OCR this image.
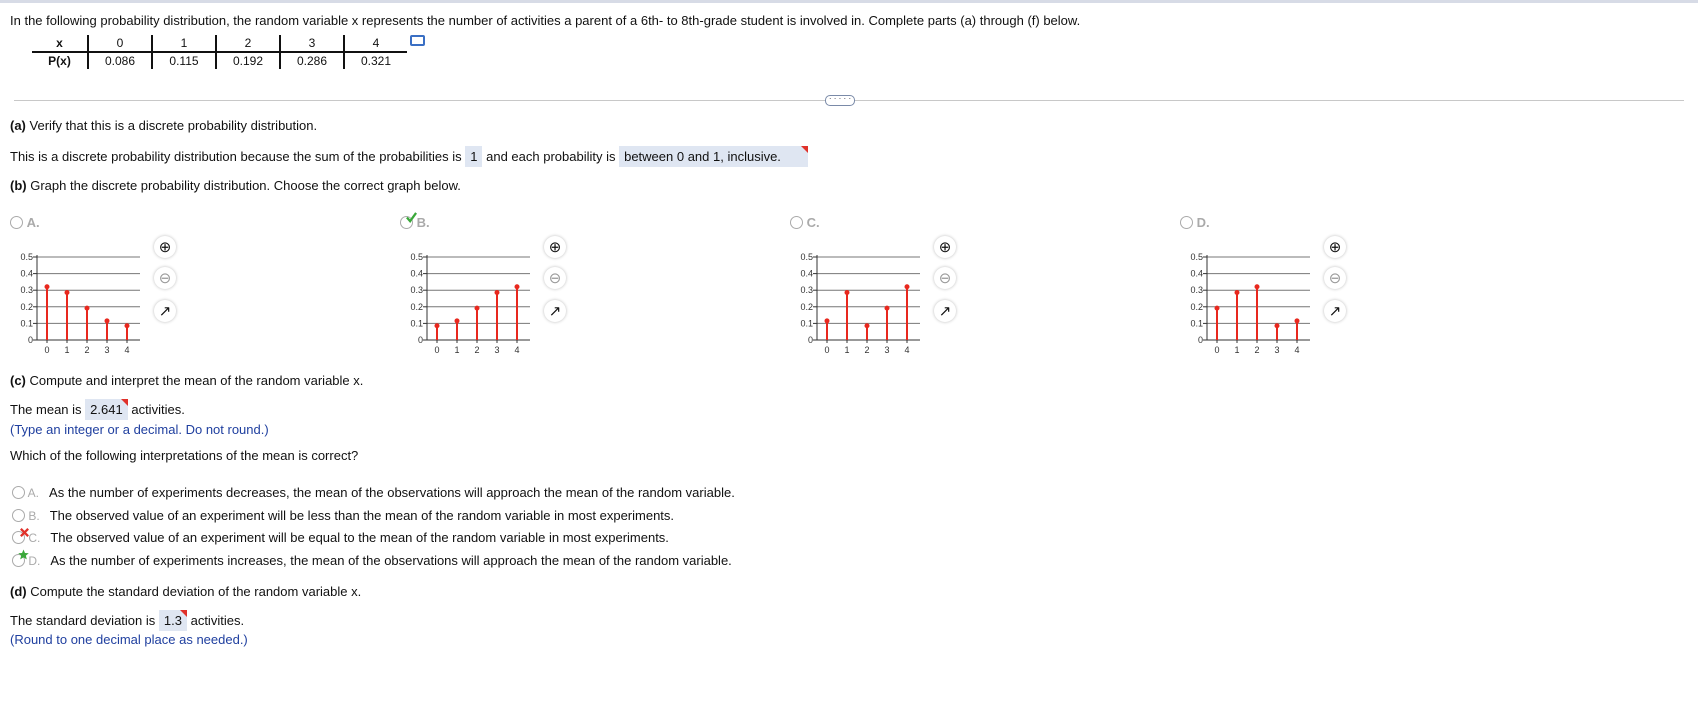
In the following probability distribution, the random variable x represents the number of activities a parent of a 6th- to 8th-grade student is involved in. Complete parts (a) through (f) below.
x	0	1	2	3	4
P(x)	0.086	0.115	0.192	0.286	0.321
· · · · ·
(a) Verify that this is a discrete probability distribution.
This is a discrete probability distribution because the sum of the probabilities is 1 and each probability is between 0 and 1, inclusive.
(b) Graph the discrete probability distribution. Choose the correct graph below.
A.
0
0.1
0.2
0.3
0.4
0.5
0 1 2 3 4
⊕
⊖
↗
B.
0
0.1
0.2
0.3
0.4
0.5
0 1 2 3 4
⊕
⊖
↗
C.
0
0.1
0.2
0.3
0.4
0.5
0 1 2 3 4
⊕
⊖
↗
D.
0
0.1
0.2
0.3
0.4
0.5
0 1 2 3 4
⊕
⊖
↗
(c) Compute and interpret the mean of the random variable x.
The mean is 2.641 activities.
(Type an integer or a decimal. Do not round.)
Which of the following interpretations of the mean is correct?
A. As the number of experiments decreases, the mean of the observations will approach the mean of the random variable.
B. The observed value of an experiment will be less than the mean of the random variable in most experiments.
C. The observed value of an experiment will be equal to the mean of the random variable in most experiments.
D. As the number of experiments increases, the mean of the observations will approach the mean of the random variable.
(d) Compute the standard deviation of the random variable x.
The standard deviation is 1.3 activities.
(Round to one decimal place as needed.)
